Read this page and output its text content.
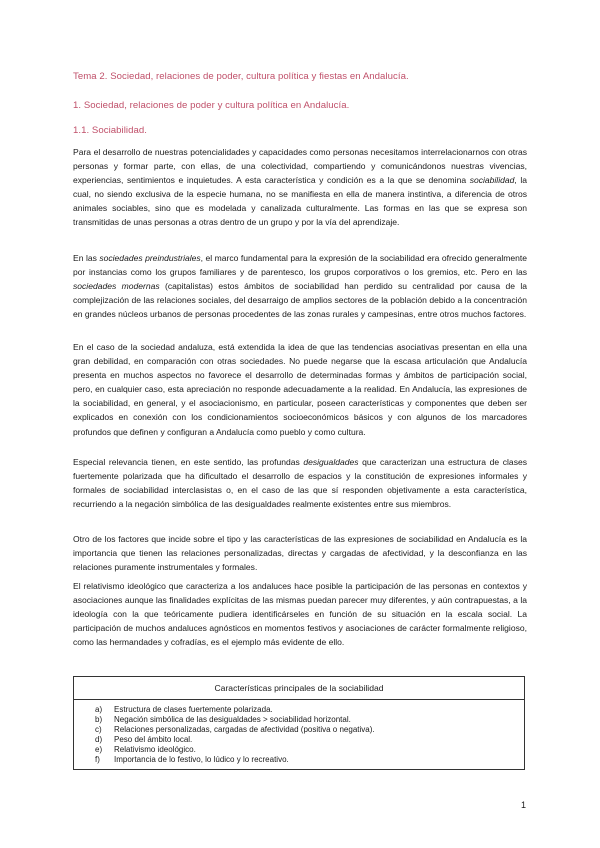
Tema 2. Sociedad, relaciones de poder, cultura política y fiestas en Andalucía.
1. Sociedad, relaciones de poder y cultura política en Andalucía.
1.1. Sociabilidad.

Para el desarrollo de nuestras potencialidades y capacidades como personas necesitamos interrelacionarnos con otras personas y formar parte, con ellas, de una colectividad, compartiendo y comunicándonos nuestras vivencias, experiencias, sentimientos e inquietudes. A esta característica y condición es a la que se denomina sociabilidad, la cual, no siendo exclusiva de la especie humana, no se manifiesta en ella de manera instintiva, a diferencia de otros animales sociables, sino que es modelada y canalizada culturalmente. Las formas en las que se expresa son transmitidas de unas personas a otras dentro de un grupo y por la vía del aprendizaje.

En las sociedades preindustriales, el marco fundamental para la expresión de la sociabilidad era ofrecido generalmente por instancias como los grupos familiares y de parentesco, los grupos corporativos o los gremios, etc. Pero en las sociedades modernas (capitalistas) estos ámbitos de sociabilidad han perdido su centralidad por causa de la complejización de las relaciones sociales, del desarraigo de amplios sectores de la población debido a la concentración en grandes núcleos urbanos de personas procedentes de las zonas rurales y campesinas, entre otros muchos factores.

En el caso de la sociedad andaluza, está extendida la idea de que las tendencias asociativas presentan en ella una gran debilidad, en comparación con otras sociedades. No puede negarse que la escasa articulación que Andalucía presenta en muchos aspectos no favorece el desarrollo de determinadas formas y ámbitos de participación social, pero, en cualquier caso, esta apreciación no responde adecuadamente a la realidad. En Andalucía, las expresiones de la sociabilidad, en general, y el asociacionismo, en particular, poseen características y componentes que deben ser explicados en conexión con los condicionamientos socioeconómicos básicos y con algunos de los marcadores profundos que definen y configuran a Andalucía como pueblo y como cultura.

Especial relevancia tienen, en este sentido, las profundas desigualdades que caracterizan una estructura de clases fuertemente polarizada que ha dificultado el desarrollo de espacios y la constitución de expresiones informales y formales de sociabilidad interclasistas o, en el caso de las que sí responden objetivamente a esta característica, recurriendo a la negación simbólica de las desigualdades realmente existentes entre sus miembros.

Otro de los factores que incide sobre el tipo y las características de las expresiones de sociabilidad en Andalucía es la importancia que tienen las relaciones personalizadas, directas y cargadas de afectividad, y la desconfianza en las relaciones puramente instrumentales y formales.

El relativismo ideológico que caracteriza a los andaluces hace posible la participación de las personas en contextos y asociaciones aunque las finalidades explícitas de las mismas puedan parecer muy diferentes, y aún contrapuestas, a la ideología con la que teóricamente pudiera identificárseles en función de su situación en la escala social. La participación de muchos andaluces agnósticos en momentos festivos y asociaciones de carácter formalmente religioso, como las hermandades y cofradías, es el ejemplo más evidente de ello.

Características principales de la sociabilidad
a) Estructura de clases fuertemente polarizada.
b) Negación simbólica de las desigualdades > sociabilidad horizontal.
c) Relaciones personalizadas, cargadas de afectividad (positiva o negativa).
d) Peso del ámbito local.
e) Relativismo ideológico.
f) Importancia de lo festivo, lo lúdico y lo recreativo.
1
